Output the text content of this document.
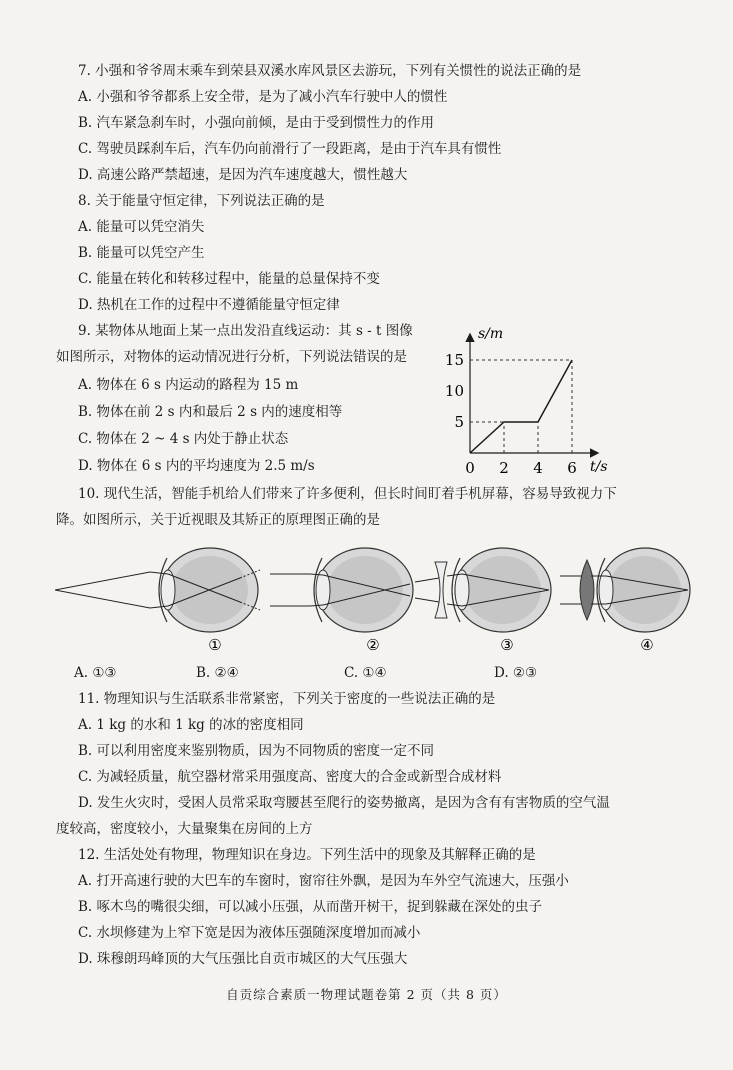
7. 小强和爷爷周末乘车到荣县双溪水库风景区去游玩，下列有关惯性的说法正确的是
A. 小强和爷爷都系上安全带，是为了减小汽车行驶中人的惯性
B. 汽车紧急刹车时，小强向前倾，是由于受到惯性力的作用
C. 驾驶员踩刹车后，汽车仍向前滑行了一段距离，是由于汽车具有惯性
D. 高速公路严禁超速，是因为汽车速度越大，惯性越大
8. 关于能量守恒定律，下列说法正确的是
A. 能量可以凭空消失
B. 能量可以凭空产生
C. 能量在转化和转移过程中，能量的总量保持不变
D. 热机在工作的过程中不遵循能量守恒定律
9. 某物体从地面上某一点出发沿直线运动：其 s - t 图像
如图所示，对物体的运动情况进行分析，下列说法错误的是
A. 物体在 6 s 内运动的路程为 15 m
B. 物体在前 2 s 内和最后 2 s 内的速度相等
C. 物体在 2 ~ 4 s 内处于静止状态
D. 物体在 6 s 内的平均速度为 2.5 m/s
s/m
t/s
0 2 4 6
5
10
15
10. 现代生活，智能手机给人们带来了许多便利，但长时间盯着手机屏幕，容易导致视力下
降。如图所示，关于近视眼及其矫正的原理图正确的是
①	②	③	④
A. ①③	B. ②④	C. ①④	D. ②③
11. 物理知识与生活联系非常紧密，下列关于密度的一些说法正确的是
A. 1 kg 的水和 1 kg 的冰的密度相同
B. 可以利用密度来鉴别物质，因为不同物质的密度一定不同
C. 为减轻质量，航空器材常采用强度高、密度大的合金或新型合成材料
D. 发生火灾时，受困人员常采取弯腰甚至爬行的姿势撤离，是因为含有有害物质的空气温
度较高，密度较小，大量聚集在房间的上方
12. 生活处处有物理，物理知识在身边。下列生活中的现象及其解释正确的是
A. 打开高速行驶的大巴车的车窗时，窗帘往外飘，是因为车外空气流速大，压强小
B. 啄木鸟的嘴很尖细，可以减小压强，从而凿开树干，捉到躲藏在深处的虫子
C. 水坝修建为上窄下宽是因为液体压强随深度增加而减小
D. 珠穆朗玛峰顶的大气压强比自贡市城区的大气压强大
自贡综合素质一物理试题卷第 2 页（共 8 页）
